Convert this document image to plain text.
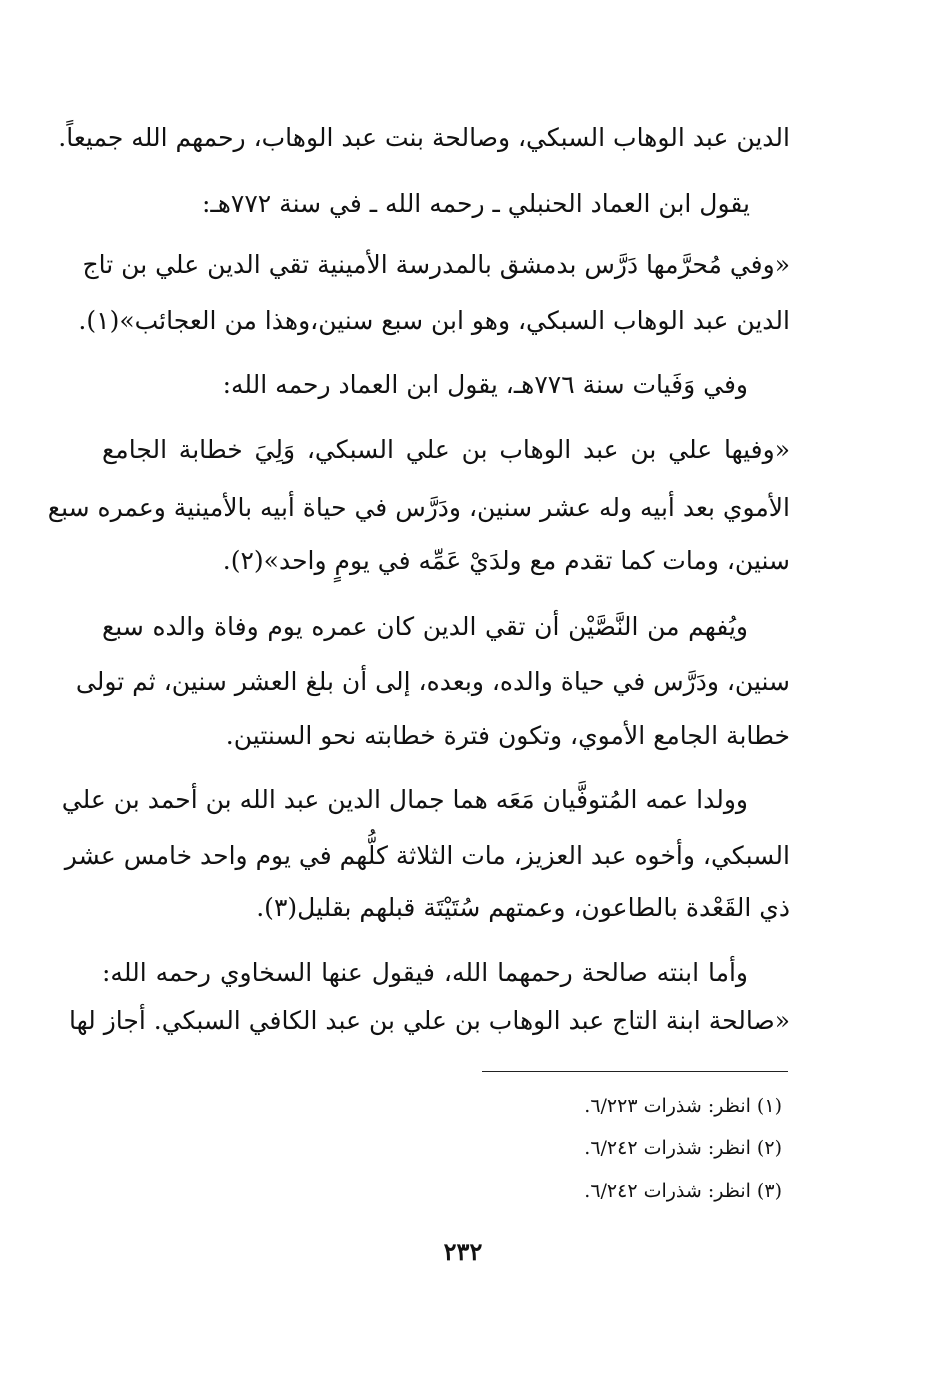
الدين عبد الوهاب السبكي، وصالحة بنت عبد الوهاب، رحمهم الله جميعاً.
يقول ابن العماد الحنبلي ـ رحمه الله ـ في سنة ٧٧٢هـ:
«وفي مُحرَّمها دَرَّس بدمشق بالمدرسة الأمينية تقي الدين علي بن تاج
الدين عبد الوهاب السبكي، وهو ابن سبع سنين،وهذا من العجائب»(١).
وفي وَفَيات سنة ٧٧٦هـ، يقول ابن العماد رحمه الله:
«وفيها علي بن عبد الوهاب بن علي السبكي، وَلِيَ خطابة الجامع
الأموي بعد أبيه وله عشر سنين، ودَرَّس في حياة أبيه بالأمينية وعمره سبع
سنين، ومات كما تقدم مع ولدَيْ عَمِّه في يومٍ واحد»(٢).
ويُفهم من النَّصَّيْن أن تقي الدين كان عمره يوم وفاة والده سبع
سنين، ودَرَّس في حياة والده، وبعده، إلى أن بلغ العشر سنين، ثم تولى
خطابة الجامع الأموي، وتكون فترة خطابته نحو السنتين.
وولدا عمه المُتوفَّيان مَعَه هما جمال الدين عبد الله بن أحمد بن علي
السبكي، وأخوه عبد العزيز، مات الثلاثة كلُّهم في يوم واحد خامس عشر
ذي القَعْدة بالطاعون، وعمتهم سُتَيْتَة قبلهم بقليل(٣).
وأما ابنته صالحة رحمهما الله، فيقول عنها السخاوي رحمه الله:
«صالحة ابنة التاج عبد الوهاب بن علي بن عبد الكافي السبكي. أجاز لها
(١) انظر: شذرات ٦/٢٢٣.
(٢) انظر: شذرات ٦/٢٤٢.
(٣) انظر: شذرات ٦/٢٤٢.
٢٣٢
